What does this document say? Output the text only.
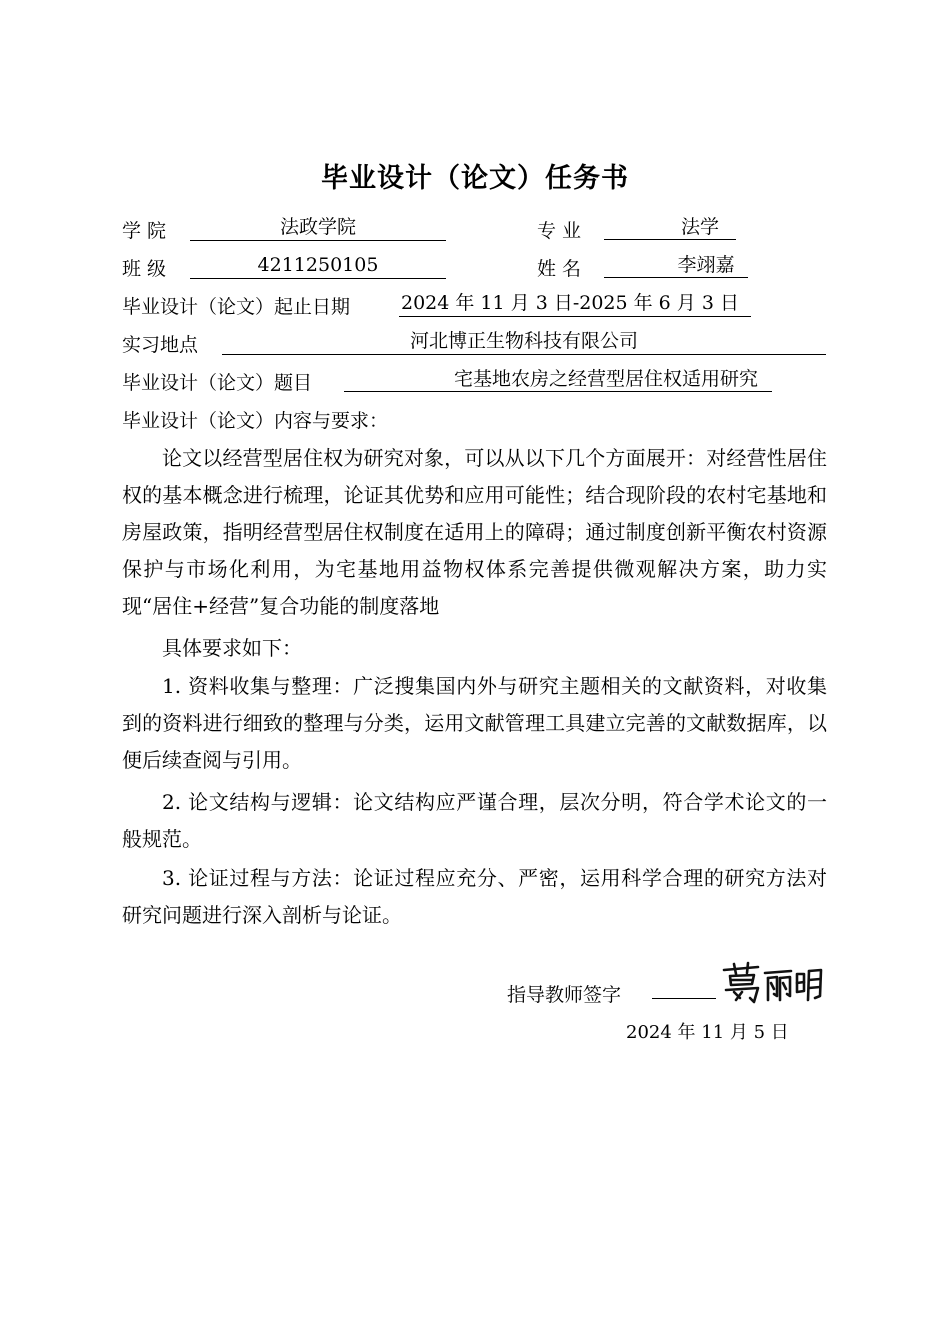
毕业设计（论文）任务书
学 院	法政学院	专 业	法学
班 级	4211250105	姓 名	李翊嘉
毕业设计（论文）起止日期	2024 年 11 月 3 日-2025 年 6 月 3 日
实习地点	河北博正生物科技有限公司
毕业设计（论文）题目	宅基地农房之经营型居住权适用研究
毕业设计（论文）内容与要求：
论文以经营型居住权为研究对象，可以从以下几个方面展开：对经营性居住权的基本概念进行梳理，论证其优势和应用可能性；结合现阶段的农村宅基地和房屋政策，指明经营型居住权制度在适用上的障碍；通过制度创新平衡农村资源保护与市场化利用，为宅基地用益物权体系完善提供微观解决方案，助力实现“居住+经营”复合功能的制度落地
具体要求如下：
1. 资料收集与整理：广泛搜集国内外与研究主题相关的文献资料，对收集到的资料进行细致的整理与分类，运用文献管理工具建立完善的文献数据库，以便后续查阅与引用。
2. 论文结构与逻辑：论文结构应严谨合理，层次分明，符合学术论文的一般规范。
3. 论证过程与方法：论证过程应充分、严密，运用科学合理的研究方法对研究问题进行深入剖析与论证。
指导教师签字
2024 年 11 月 5 日
